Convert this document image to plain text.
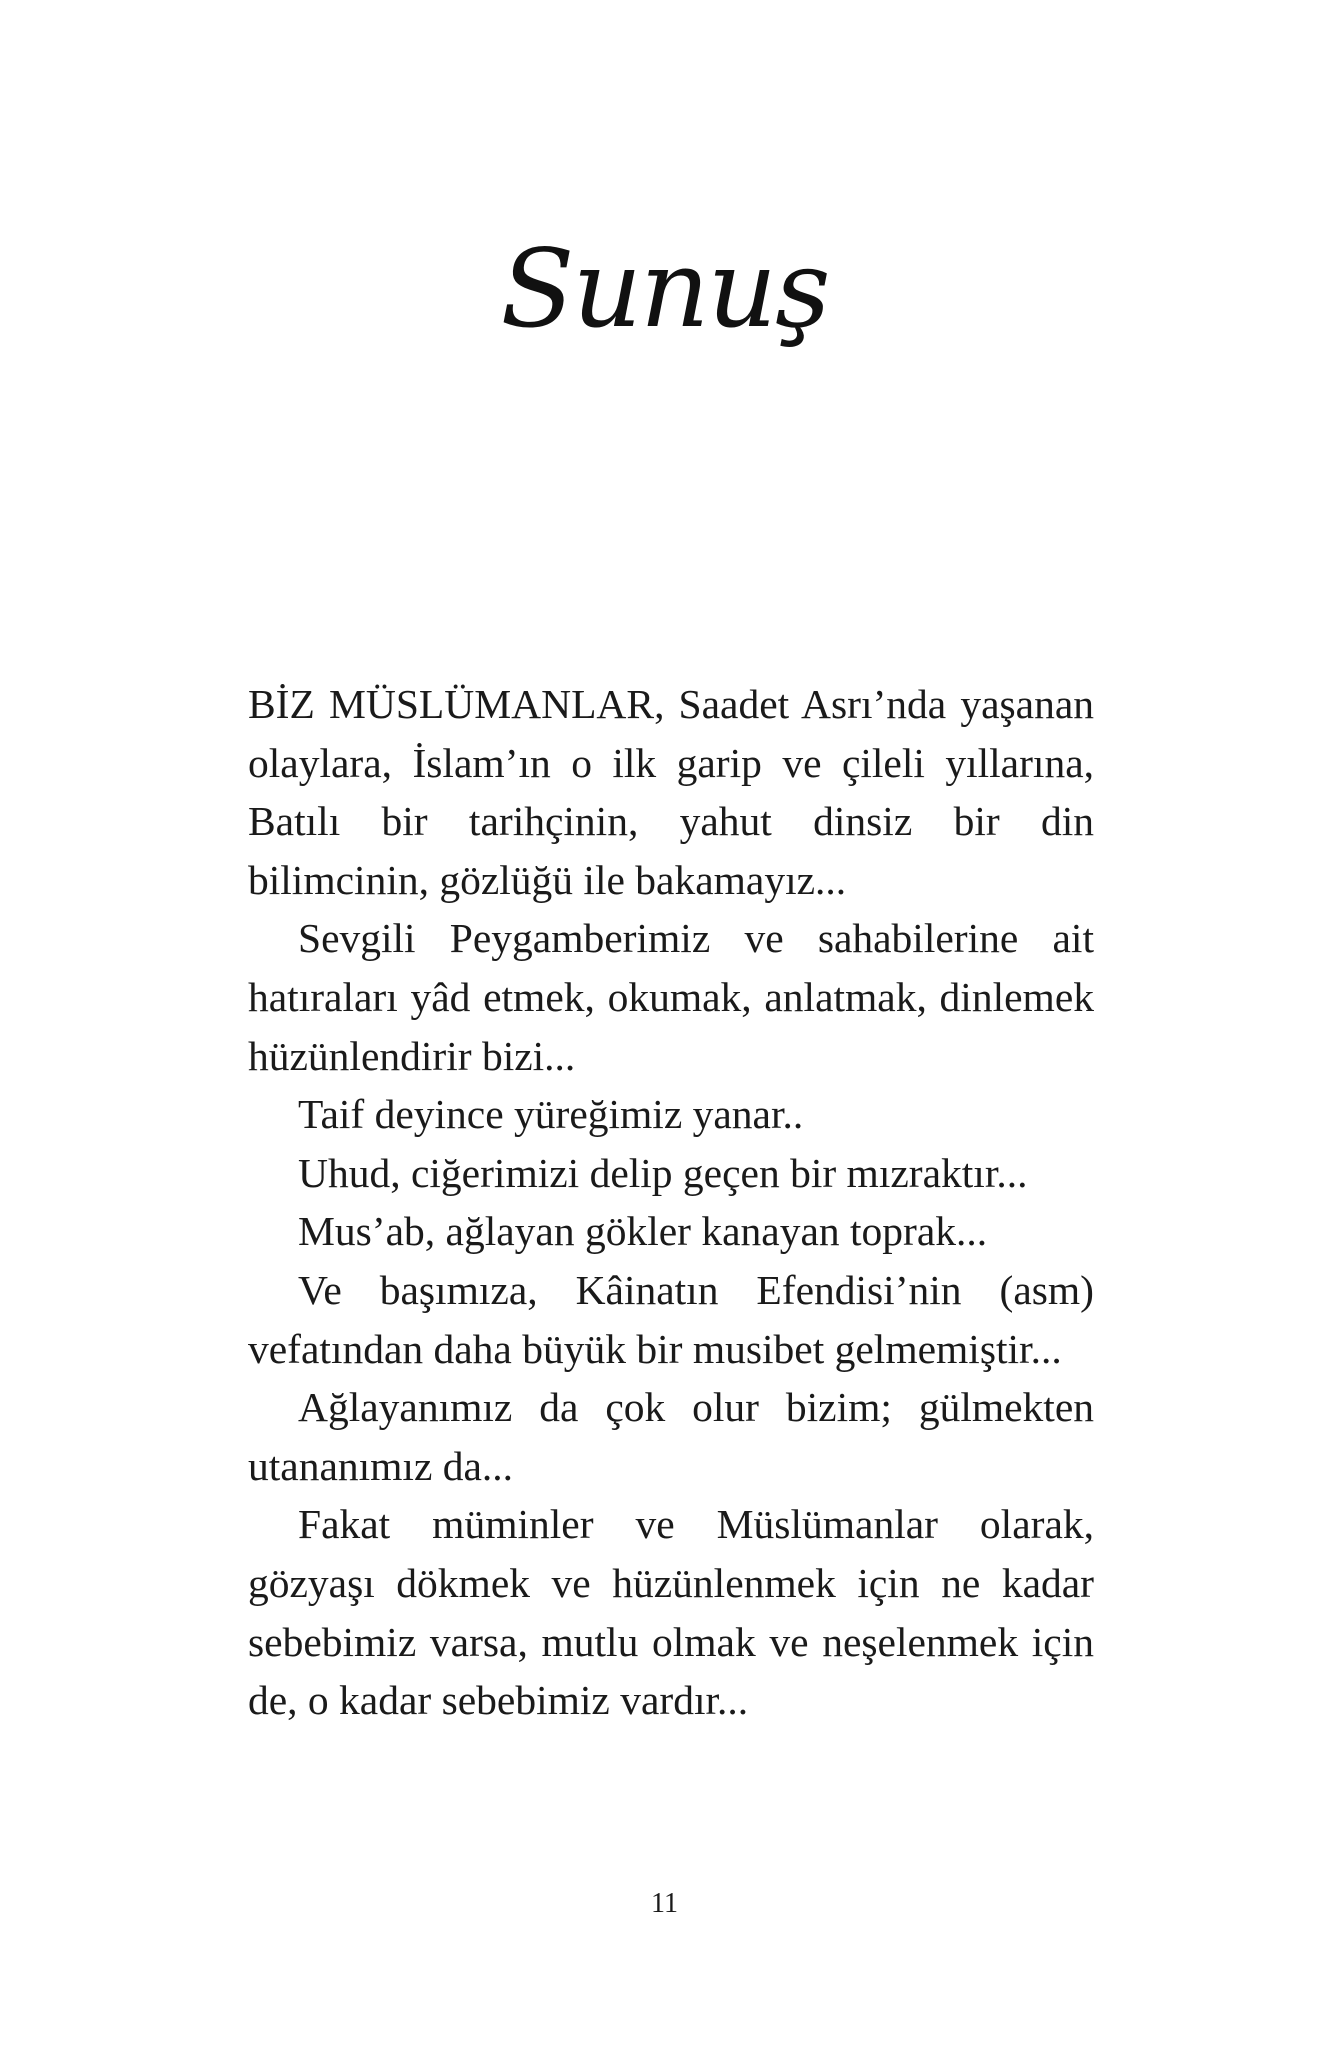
Sunuş

BİZ MÜSLÜMANLAR, Saadet Asrı’nda yaşanan olaylara, İslam’ın o ilk garip ve çileli yıllarına, Batılı bir tarihçinin, yahut dinsiz bir din bilimcinin, gözlüğü ile bakamayız...

Sevgili Peygamberimiz ve sahabilerine ait hatıraları yâd etmek, okumak, anlatmak, dinlemek hüzünlendirir bizi...

Taif deyince yüreğimiz yanar..

Uhud, ciğerimizi delip geçen bir mızraktır...

Mus’ab, ağlayan gökler kanayan toprak...

Ve başımıza, Kâinatın Efendisi’nin (asm) vefatından daha büyük bir musibet gelmemiştir...

Ağlayanımız da çok olur bizim; gülmekten utananımız da...

Fakat müminler ve Müslümanlar olarak, gözyaşı dökmek ve hüzünlenmek için ne kadar sebebimiz varsa, mutlu olmak ve neşelenmek için de, o kadar sebebimiz vardır...

11
